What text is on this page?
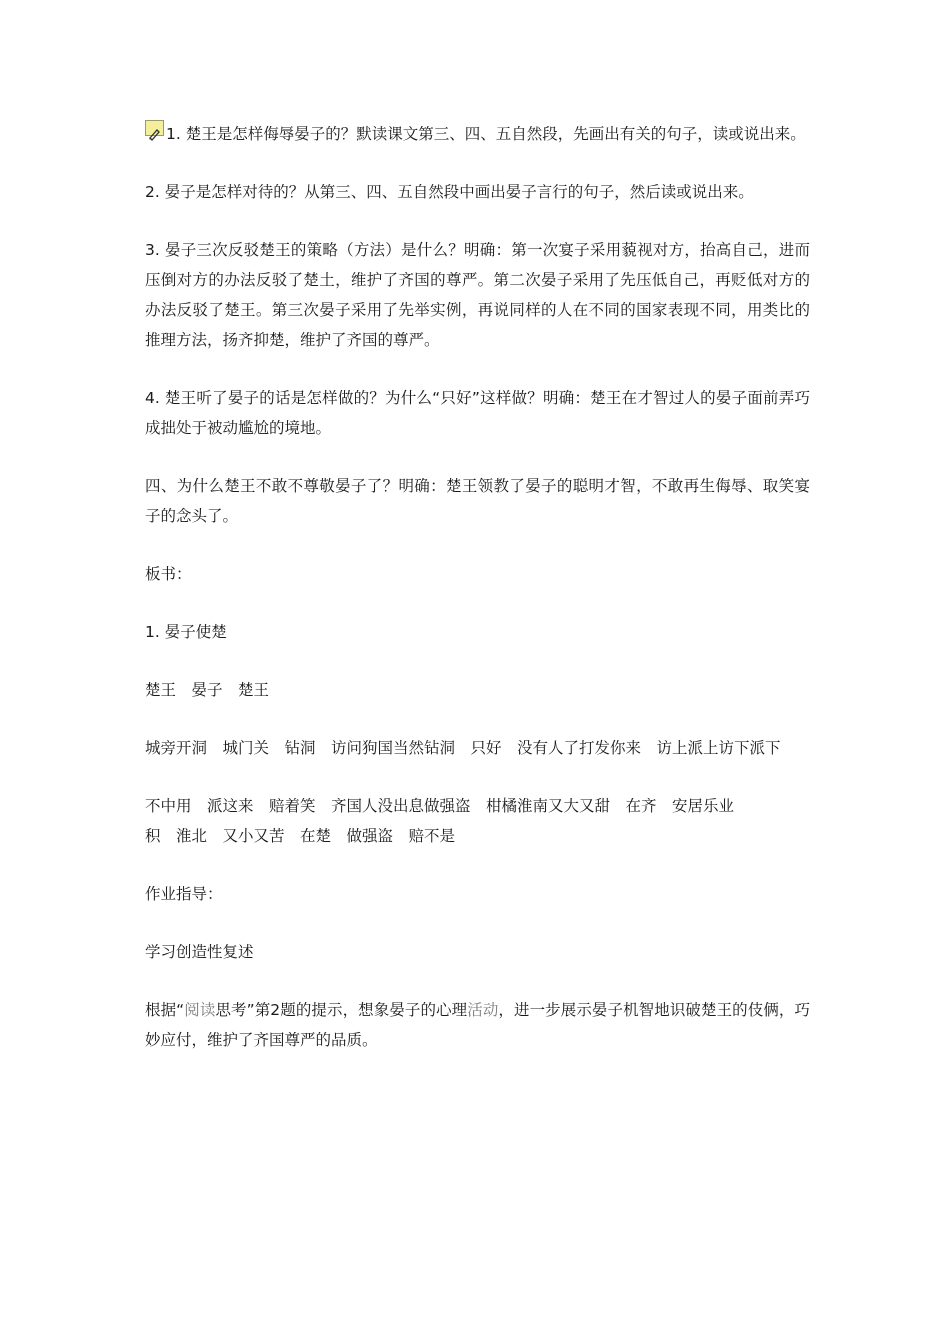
1. 楚王是怎样侮辱晏子的？默读课文第三、四、五自然段，先画出有关的句子，读或说出来。

2. 晏子是怎样对待的？从第三、四、五自然段中画出晏子言行的句子，然后读或说出来。

3. 晏子三次反驳楚王的策略（方法）是什么？明确：第一次宴子采用藐视对方，抬高自己，进而压倒对方的办法反驳了楚土，维护了齐国的尊严。第二次晏子采用了先压低自己，再贬低对方的办法反驳了楚王。第三次晏子采用了先举实例，再说同样的人在不同的国家表现不同，用类比的推理方法，扬齐抑楚，维护了齐国的尊严。

4. 楚王听了晏子的话是怎样做的？为什么“只好”这样做？明确：楚王在才智过人的晏子面前弄巧成拙处于被动尴尬的境地。

四、为什么楚王不敢不尊敬晏子了？明确：楚王领教了晏子的聪明才智，不敢再生侮辱、取笑宴子的念头了。

板书：

1. 晏子使楚

楚王　晏子　楚王

城旁开洞　城门关　钻洞　访问狗国当然钻洞　只好　没有人了打发你来　访上派上访下派下

不中用　派这来　赔着笑　齐国人没出息做强盗　柑橘淮南又大又甜　在齐　安居乐业
积　淮北　又小又苦　在楚　做强盗　赔不是

作业指导：

学习创造性复述

根据“阅读思考”第2题的提示，想象晏子的心理活动，进一步展示晏子机智地识破楚王的伎俩，巧妙应付，维护了齐国尊严的品质。
